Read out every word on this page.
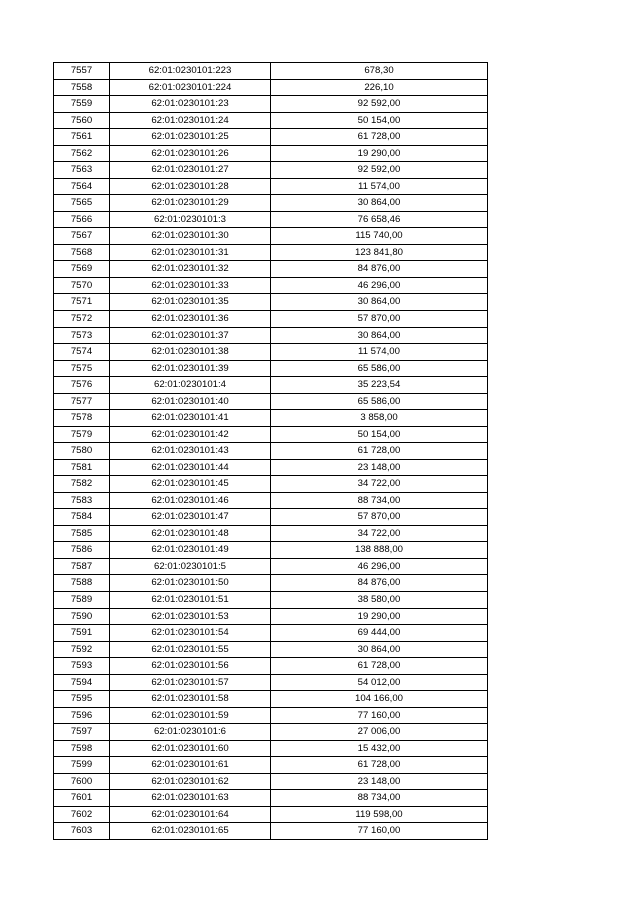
7557	62:01:0230101:223	678,30
7558	62:01:0230101:224	226,10
7559	62:01:0230101:23	92 592,00
7560	62:01:0230101:24	50 154,00
7561	62:01:0230101:25	61 728,00
7562	62:01:0230101:26	19 290,00
7563	62:01:0230101:27	92 592,00
7564	62:01:0230101:28	11 574,00
7565	62:01:0230101:29	30 864,00
7566	62:01:0230101:3	76 658,46
7567	62:01:0230101:30	115 740,00
7568	62:01:0230101:31	123 841,80
7569	62:01:0230101:32	84 876,00
7570	62:01:0230101:33	46 296,00
7571	62:01:0230101:35	30 864,00
7572	62:01:0230101:36	57 870,00
7573	62:01:0230101:37	30 864,00
7574	62:01:0230101:38	11 574,00
7575	62:01:0230101:39	65 586,00
7576	62:01:0230101:4	35 223,54
7577	62:01:0230101:40	65 586,00
7578	62:01:0230101:41	3 858,00
7579	62:01:0230101:42	50 154,00
7580	62:01:0230101:43	61 728,00
7581	62:01:0230101:44	23 148,00
7582	62:01:0230101:45	34 722,00
7583	62:01:0230101:46	88 734,00
7584	62:01:0230101:47	57 870,00
7585	62:01:0230101:48	34 722,00
7586	62:01:0230101:49	138 888,00
7587	62:01:0230101:5	46 296,00
7588	62:01:0230101:50	84 876,00
7589	62:01:0230101:51	38 580,00
7590	62:01:0230101:53	19 290,00
7591	62:01:0230101:54	69 444,00
7592	62:01:0230101:55	30 864,00
7593	62:01:0230101:56	61 728,00
7594	62:01:0230101:57	54 012,00
7595	62:01:0230101:58	104 166,00
7596	62:01:0230101:59	77 160,00
7597	62:01:0230101:6	27 006,00
7598	62:01:0230101:60	15 432,00
7599	62:01:0230101:61	61 728,00
7600	62:01:0230101:62	23 148,00
7601	62:01:0230101:63	88 734,00
7602	62:01:0230101:64	119 598,00
7603	62:01:0230101:65	77 160,00
